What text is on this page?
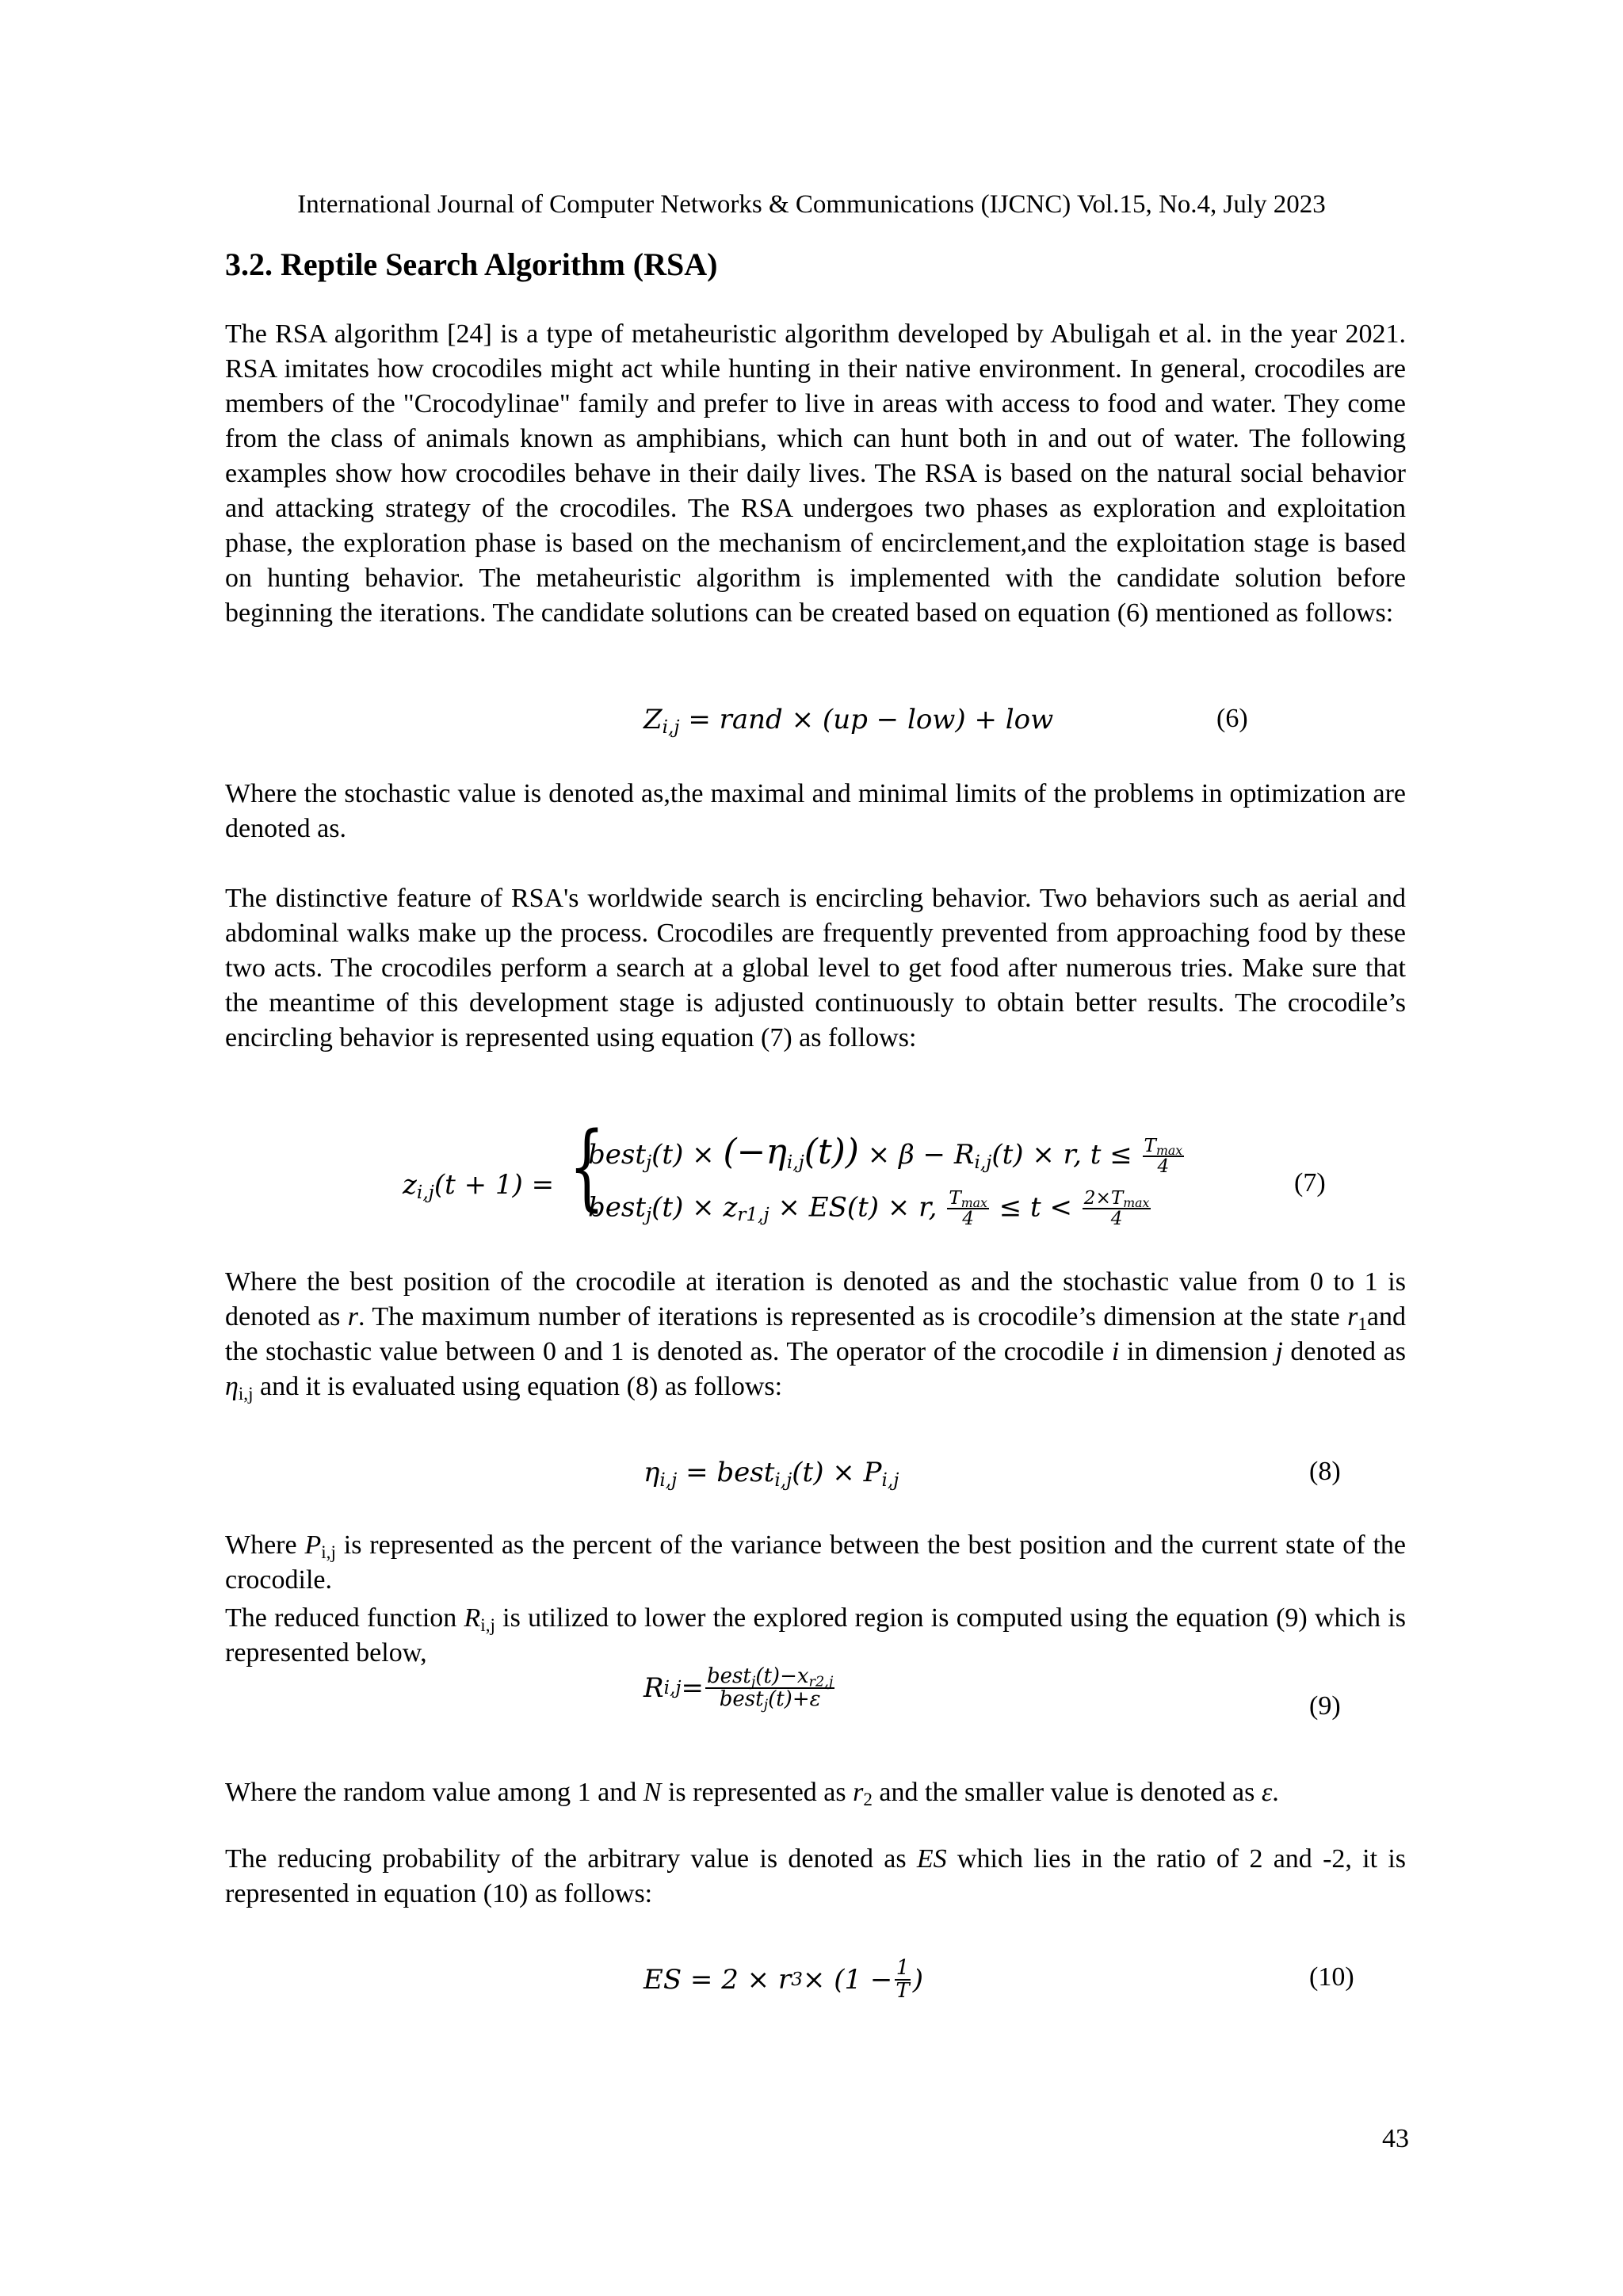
International Journal of Computer Networks & Communications (IJCNC) Vol.15, No.4, July 2023
3.2. Reptile Search Algorithm (RSA)
The RSA algorithm [24] is a type of metaheuristic algorithm developed by Abuligah et al. in the year 2021. RSA imitates how crocodiles might act while hunting in their native environment. In general, crocodiles are members of the "Crocodylinae" family and prefer to live in areas with access to food and water. They come from the class of animals known as amphibians, which can hunt both in and out of water. The following examples show how crocodiles behave in their daily lives. The RSA is based on the natural social behavior and attacking strategy of the crocodiles. The RSA undergoes two phases as exploration and exploitation phase, the exploration phase is based on the mechanism of encirclement,and the exploitation stage is based on hunting behavior. The metaheuristic algorithm is implemented with the candidate solution before beginning the iterations. The candidate solutions can be created based on equation (6) mentioned as follows:
$Z_{i,j}$ = rand × (up − low) + low	(6)
Where the stochastic value is denoted as,the maximal and minimal limits of the problems in optimization are denoted as.
The distinctive feature of RSA's worldwide search is encircling behavior. Two behaviors such as aerial and abdominal walks make up the process. Crocodiles are frequently prevented from approaching food by these two acts. The crocodiles perform a search at a global level to get food after numerous tries. Make sure that the meantime of this development stage is adjusted continuously to obtain better results. The crocodile’s encircling behavior is represented using equation (7) as follows:
$z_{i,j}(t + 1)$ = {
best$_j$(t) × $(-\eta_{i,j}(t)) \times \beta - R_{i,j}(t) \times r$, $t \le \frac{T_{max}}{4}$
best$_j$(t) × $z_{r1,j} \times ES(t) \times r$, $\frac{T_{max}}{4} \le t < \frac{2\times T_{max}}{4}$
(7)
Where the best position of the crocodile at iteration is denoted as and the stochastic value from 0 to 1 is denoted as r. The maximum number of iterations is represented as is crocodile’s dimension at the state $r_1and$ the stochastic value between 0 and 1 is denoted as. The operator of the crocodile i in dimension j denoted as $\eta_{i,j}$ and it is evaluated using equation (8) as follows:
$\eta_{i,j}$ = best$_{i,j}$(t) × $P_{i,j}$	(8)
Where $P_{i,j}$ is represented as the percent of the variance between the best position and the current state of the crocodile.
The reduced function $R_{i,j}$ is utilized to lower the explored region is computed using the equation (9) which is represented below,
R $i,j = \frac{best_j(t)-x_{r2,j}}{best_j(t)+\varepsilon}$	(9)
Where the random value among 1 and N is represented as $r_2$ and the smaller value is denoted as ε.
The reducing probability of the arbitrary value is denoted as ES which lies in the ratio of 2 and -2, it is represented in equation (10) as follows:
ES = 2 × r $3 \times (1 - \frac{1}{T}$ )	(10)
43
